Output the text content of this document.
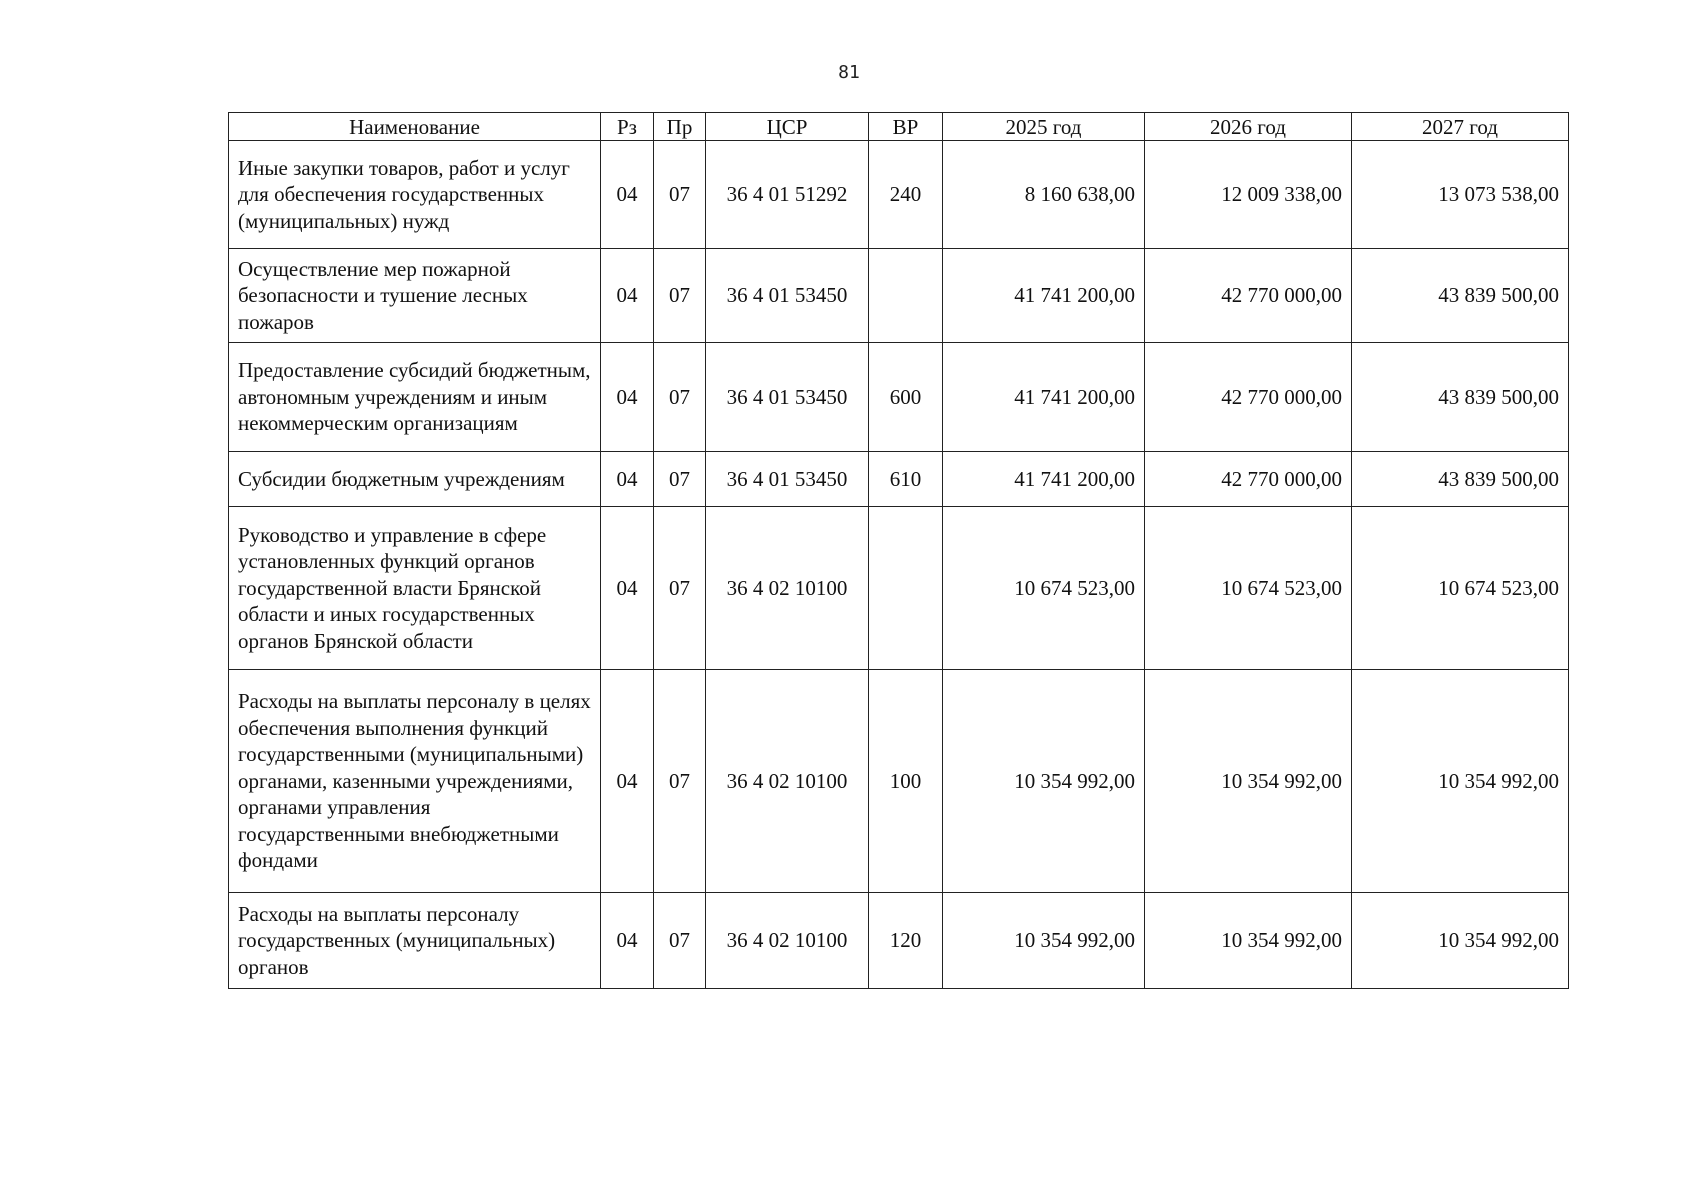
81
Наименование	Рз	Пр	ЦСР	ВР	2025 год	2026 год	2027 год
Иные закупки товаров, работ и услуг для обеспечения государственных (муниципальных) нужд	04	07	36 4 01 51292	240	8 160 638,00	12 009 338,00	13 073 538,00
Осуществление мер пожарной безопасности и тушение лесных пожаров	04	07	36 4 01 53450		41 741 200,00	42 770 000,00	43 839 500,00
Предоставление субсидий бюджетным, автономным учреждениям и иным некоммерческим организациям	04	07	36 4 01 53450	600	41 741 200,00	42 770 000,00	43 839 500,00
Субсидии бюджетным учреждениям	04	07	36 4 01 53450	610	41 741 200,00	42 770 000,00	43 839 500,00
Руководство и управление в сфере установленных функций органов государственной власти Брянской области и иных государственных органов Брянской области	04	07	36 4 02 10100		10 674 523,00	10 674 523,00	10 674 523,00
Расходы на выплаты персоналу в целях обеспечения выполнения функций государственными (муниципальными) органами, казенными учреждениями, органами управления государственными внебюджетными фондами	04	07	36 4 02 10100	100	10 354 992,00	10 354 992,00	10 354 992,00
Расходы на выплаты персоналу государственных (муниципальных) органов	04	07	36 4 02 10100	120	10 354 992,00	10 354 992,00	10 354 992,00
